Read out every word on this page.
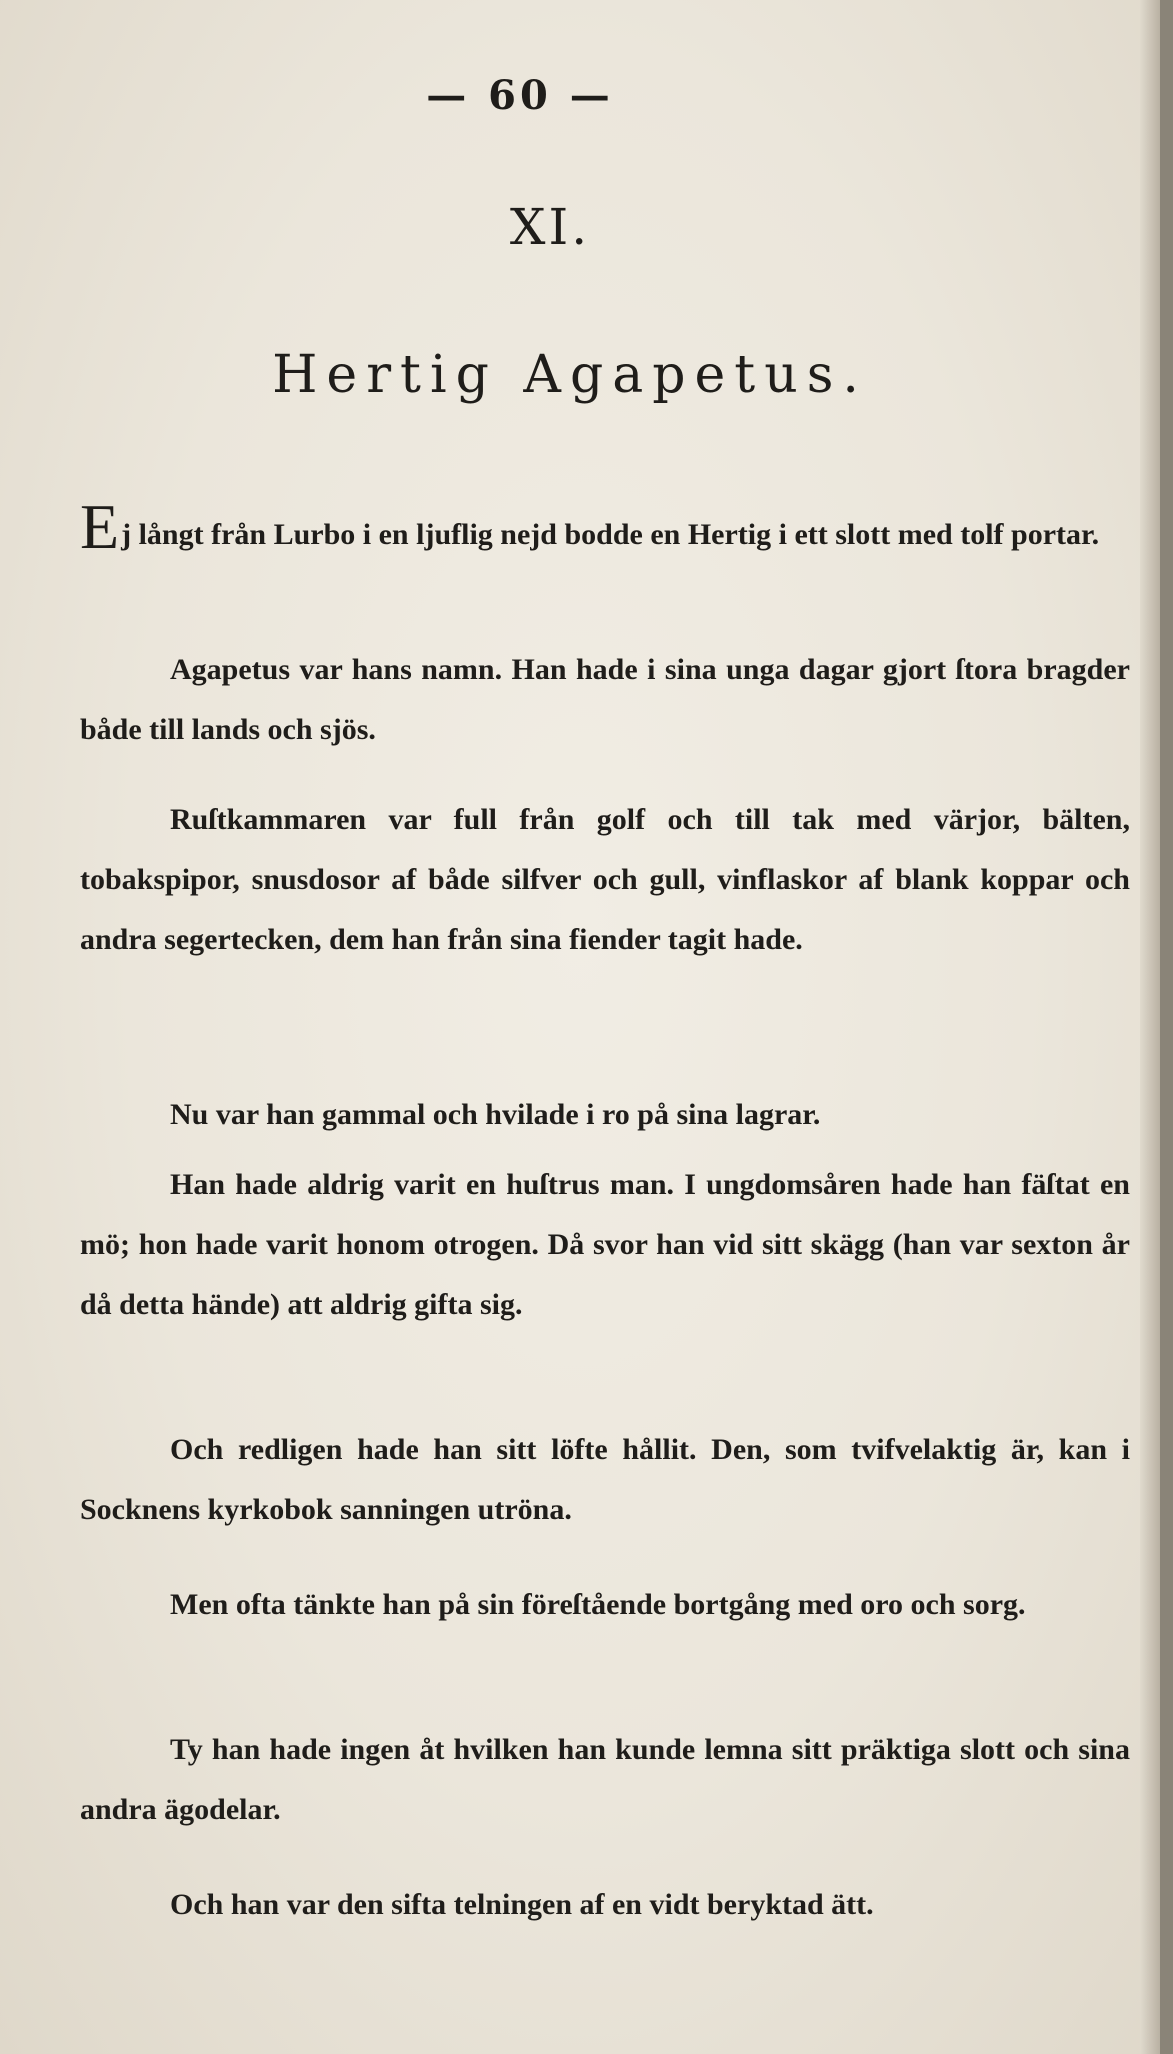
— 60 —
XI.
Hertig Agapetus.

Ej långt från Lurbo i en ljuflig nejd bodde en Hertig i ett slott med tolf portar.

Agapetus var hans namn. Han hade i sina unga dagar gjort ſtora bragder både till lands och sjös.

Ruſtkammaren var full från golf och till tak med värjor, bälten, tobakspipor, snusdosor af både silfver och gull, vinflaskor af blank koppar och andra segertecken, dem han från sina fiender tagit hade.

Nu var han gammal och hvilade i ro på sina lagrar.

Han hade aldrig varit en huſtrus man. I ungdomsåren hade han fäſtat en mö; hon hade varit honom otrogen. Då svor han vid sitt skägg (han var sexton år då detta hände) att aldrig gifta sig.

Och redligen hade han sitt löfte hållit. Den, som tvifvelaktig är, kan i Socknens kyrkobok sanningen utröna.

Men ofta tänkte han på sin föreſtående bortgång med oro och sorg.

Ty han hade ingen åt hvilken han kunde lemna sitt präktiga slott och sina andra ägodelar.

Och han var den sifta telningen af en vidt beryktad ätt.
